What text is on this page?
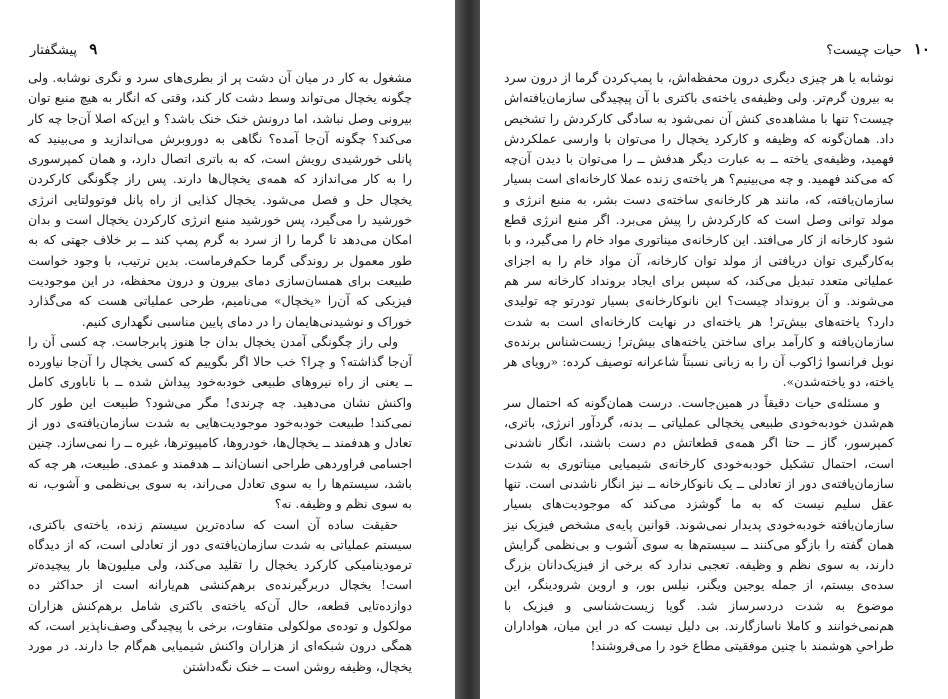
۹ پیشگفتار

مشغول به کار در میان آن دشت پر از بطری‌های سرد و نگری نوشابه. ولی چگونه یخچال می‌تواند وسط دشت کار کند، وقتی که انگار به هیچ منبع توان بیرونی وصل نباشد، اما درونش خنک خنک باشد؟ و این‌که اصلا آن‌جا چه کار می‌کند؟ چگونه آن‌جا آمده؟ نگاهی به دوروبرش می‌اندازید و می‌بینید که پانلی خورشیدی رویش است، که به باتری اتصال دارد، و همان کمپرسوری را به کار می‌اندازد که همه‌ی یخچال‌ها دارند. پس راز چگونگی کارکردن یخچال حل و فصل می‌شود. یخچال کذایی از راه پانل فوتوولتایی انرژی خورشید را می‌گیرد، پس خورشید منبع انرژی کارکردن یخچال است و بدان امکان می‌دهد تا گرما را از سرد به گرم پمپ کند ــ بر خلاف جهتی که به طور معمول بر روندگی گرما حکم‌فرماست. بدین ترتیب، با وجود خواست طبیعت برای همسان‌سازی دمای بیرون و درون محفظه، در این موجودیت فیزیکی که آن‌را «یخچال» می‌نامیم، طرحی عملیاتی هست که می‌گذارد خوراک و نوشیدنی‌هایمان را در دمای پایین مناسبی نگهداری کنیم.

ولی راز چگونگی آمدن یخچال بدان جا هنوز پابرجاست. چه کسی آن را آن‌جا گذاشته؟ و چرا؟ خب حالا اگر بگوییم که کسی یخچال را آن‌جا نیاورده ــ یعنی از راه نیروهای طبیعی خودبه‌خود پیداش شده ــ با ناباوری کامل واکنش نشان می‌دهید. چه چرندی! مگر می‌شود؟ طبیعت این طور کار نمی‌کند! طبیعت خودبه‌خود موجودیت‌هایی به شدت سازمان‌یافته‌ی دور از تعادل و هدفمند ــ یخچال‌ها، خودروها، کامپیوترها، غیره ــ را نمی‌سازد. چنین اجسامی فراوردهی طراحی انسان‌اند ــ هدفمند و عمدی. طبیعت، هر چه که باشد، سیستم‌ها را به سوی تعادل می‌راند، به سوی بی‌نظمی و آشوب، نه به سوی نظم و وظیفه. نه؟

حقیقت ساده آن است که ساده‌ترین سیستم زنده، یاخته‌ی باکتری، سیستم عملیاتی به شدت سازمان‌یافته‌ی دور از تعادلی است، که از دیدگاه ترمودینامیکی کارکرد یخچال را تقلید می‌کند، ولی میلیون‌ها بار پیچیده‌تر است! یخچال دربرگیرنده‌ی برهم‌کنشی هم‌یارانه است از حداکثر ده دوازده‌تایی قطعه، حال آن‌که یاخته‌ی باکتری شامل برهم‌کنش هزاران مولکول و توده‌ی مولکولی متفاوت، برخی با پیچیدگی وصف‌ناپذیر است، که همگی درون شبکه‌ای از هزاران واکنش شیمیایی هم‌گام جا دارند. در مورد یخچال، وظیفه روشن است ــ خنک نگه‌داشتن

۱۰ حیات چیست؟

نوشابه یا هر چیزی دیگری درون محفظه‌اش، با پمپ‌کردن گرما از درون سرد به بیرون گرم‌تر. ولی وظیفه‌ی یاخته‌ی باکتری با آن پیچیدگی سازمان‌یافته‌اش چیست؟ تنها با مشاهده‌ی کنش آن نمی‌شود به سادگی کارکردش را تشخیص داد. همان‌گونه که وظیفه و کارکرد یخچال را می‌توان با وارسی عملکردش فهمید، وظیفه‌ی یاخته ــ به عبارت دیگر هدفش ــ را می‌توان با دیدن آن‌چه که می‌کند فهمید. و چه می‌بینیم؟ هر یاخته‌ی زنده عملا کارخانه‌ای است بسیار سازمان‌یافته، که، مانند هر کارخانه‌ی ساخته‌ی دست بشر، به منبع انرژی و مولد توانی وصل است که کارکردش را پیش می‌برد. اگر منبع انرژی قطع شود کارخانه از کار می‌افتد. این کارخانه‌ی میناتوری مواد خام را می‌گیرد، و با به‌کارگیری توان دریافتی از مولد توان کارخانه، آن مواد خام را به اجزای عملیاتی متعدد تبدیل می‌کند، که سپس برای ایجاد برونداد کارخانه سر هم می‌شوند. و آن برونداد چیست؟ این نانوکارخانه‌ی بسیار تودرتو چه تولیدی دارد؟ یاخته‌های بیش‌تر! هر یاخته‌ای در نهایت کارخانه‌ای است به شدت سازمان‌یافته و کارآمد برای ساختن یاخته‌های بیش‌تر! زیست‌شناس برنده‌ی نوبل فرانسوا ژاکوب آن را به زبانی نسبتاً شاعرانه توصیف کرده: «رویای هر یاخته، دو یاخته‌شدن».

و مسئله‌ی حیات دقیقاً در همین‌جاست. درست همان‌گونه که احتمال سر هم‌شدن خودبه‌خودی طبیعی یخچالی عملیاتی ــ بدنه، گردآور انرژی، باتری، کمپرسور، گاز ــ حتا اگر همه‌ی قطعاتش دم دست باشند، انگار ناشدنی است، احتمال تشکیل خودبه‌خودی کارخانه‌ی شیمیایی میناتوری به شدت سازمان‌یافته‌ی دور از تعادلی ــ یک نانوکارخانه ــ نیز انگار ناشدنی است. تنها عقل سلیم نیست که به ما گوشزد می‌کند که موجودیت‌های بسیار سازمان‌یافته خودبه‌خودی پدیدار نمی‌شوند. قوانین پایه‌ی مشخص فیزیک نیز همان گفته را بازگو می‌کنند ــ سیستم‌ها به سوی آشوب و بی‌نظمی گرایش دارند، به سوی نظم و وظیفه. تعجبی ندارد که برخی از فیزیک‌دانان بزرگ سده‌ی بیستم، از جمله یوجین ویگنر، نیلس بور، و اروین شرودینگر، این موضوع به شدت دردسرساز شد. گویا زیست‌شناسی و فیزیک با هم‌نمی‌خوانند و کاملا ناسازگارند. بی دلیل نیست که در این میان، هواداران طراحیِ هوشمند با چنین موفقیتی مطاع خود را می‌فروشند!
